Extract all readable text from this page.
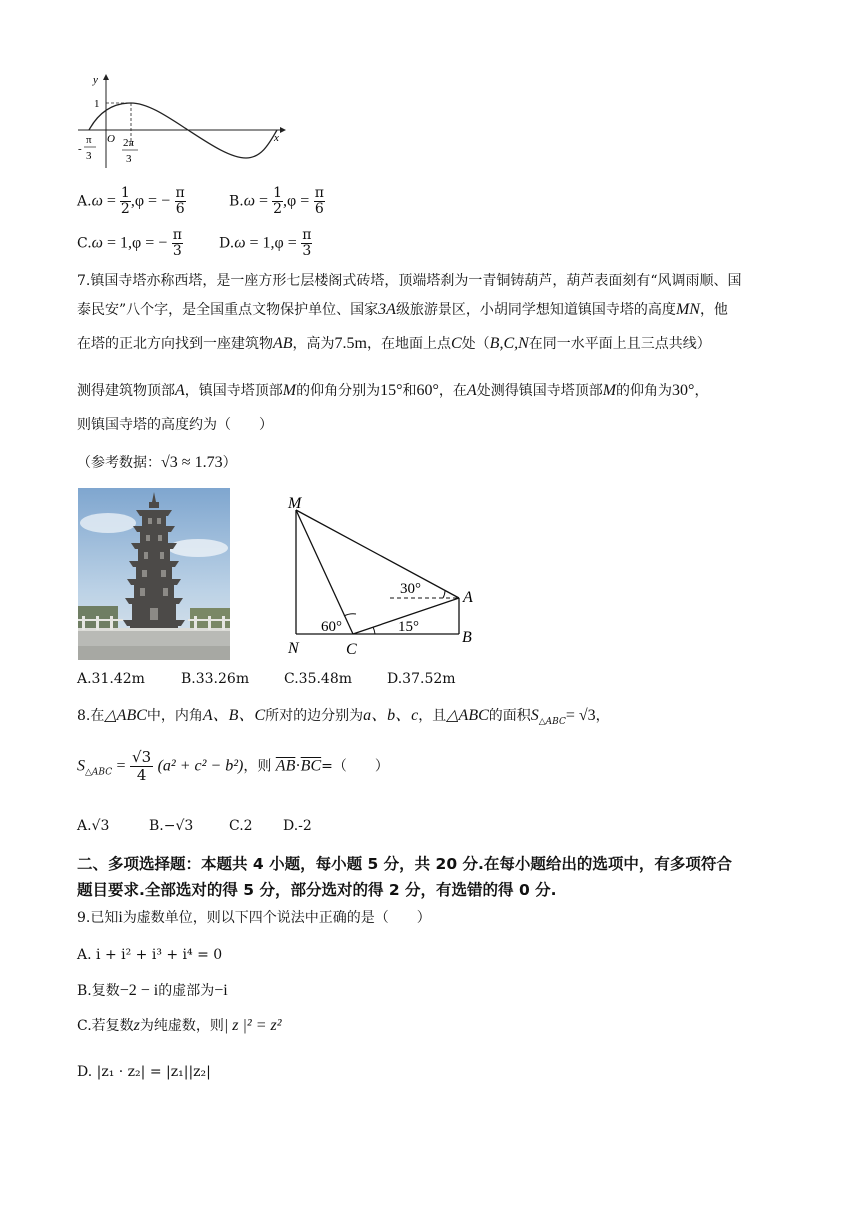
y
x
O
1
-
π
3
2π
3
$A.\omega = \frac{1}{2} ,\varphi$ = − $\frac{\pi}{6}$	$B.\omega = \frac{1}{2} ,\varphi = \frac{\pi}{6}$
C.ω = 1,φ = − $\frac{\pi}{3}$	$D.\omega = 1,\varphi = \frac{\pi}{3}$
7.镇国寺塔亦称西塔，是一座方形七层楼阁式砖塔，顶端塔刹为一青铜铸葫芦，葫芦表面刻有“风调雨顺、国
泰民安”八个字，是全国重点文物保护单位、国家3A级旅游景区，小胡同学想知道镇国寺塔的高度MN，他
在塔的正北方向找到一座建筑物AB，高为7.5m，在地面上点C处（B,C,N在同一水平面上且三点共线）
测得建筑物顶部A，镇国寺塔顶部M的仰角分别为15°和60°，在A处测得镇国寺塔顶部M的仰角为30°，
则镇国寺塔的高度约为（　　）
（参考数据：√3 ≈ 1.73）
M
A
N	C
B
30°
60°	15°
A.31.42m	B.33.26m C.35.48m D.37.52m
8.在△ABC中，内角A、B、C所对的边分别为a、b、c，且△ABC的面积$S_{\triangle ABC}= √3$，
$S_{\triangle ABC} = \frac{√3}{4} (a^2 + c^2 - b^2)$，则 $\overline{AB}\cdot\overline{BC}=$（　　）
A.√3	B.−√3	C.2 D.-2
二、多项选择题：本题共 4 小题，每小题 5 分，共 20 分.在每小题给出的选项中，有多项符合
题目要求.全部选对的得 5 分，部分选对的得 2 分，有选错的得 0 分.
9.已知i为虚数单位，则以下四个说法中正确的是（　　）
A. i + i² + i³ + i⁴ = 0
B.复数−2 − i的虚部为−i
C.若复数z为纯虚数，则| z |² = z²
D. |z₁ · z₂| = |z₁||z₂|
